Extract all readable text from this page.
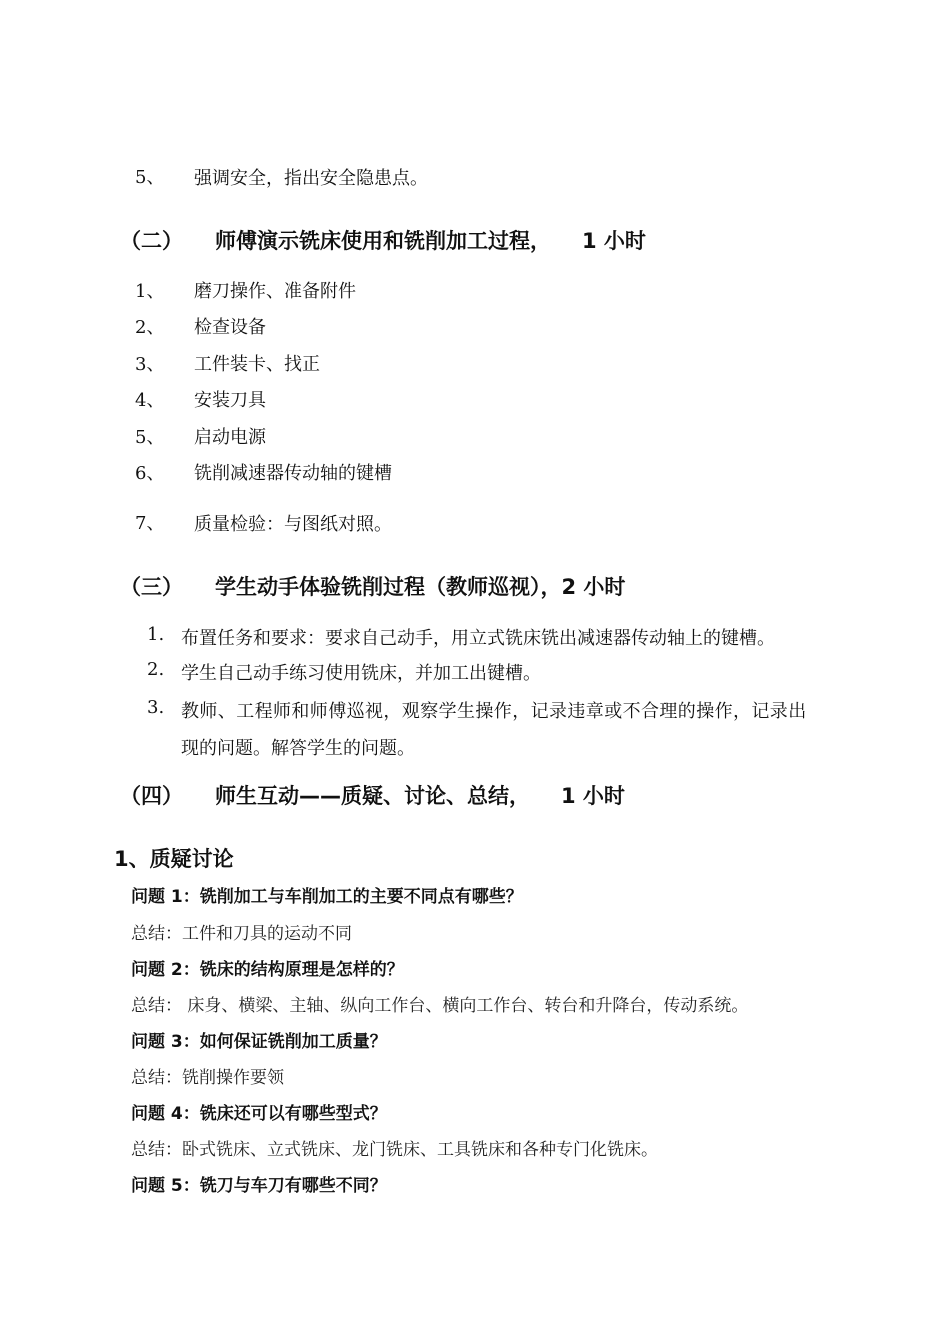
5、 强调安全，指出安全隐患点。
（二） 师傅演示铣床使用和铣削加工过程， 1 小时
1、 磨刀操作、准备附件
2、 检查设备
3、 工件装卡、找正
4、 安装刀具
5、 启动电源
6、 铣削减速器传动轴的键槽
7、 质量检验：与图纸对照。
（三） 学生动手体验铣削过程（教师巡视），2 小时
1. 布置任务和要求：要求自己动手，用立式铣床铣出减速器传动轴上的键槽。
2. 学生自己动手练习使用铣床，并加工出键槽。
3. 教师、工程师和师傅巡视，观察学生操作，记录违章或不合理的操作，记录出
现的问题。解答学生的问题。
（四） 师生互动——质疑、讨论、总结， 1 小时
1、质疑讨论
问题 1：铣削加工与车削加工的主要不同点有哪些？
总结：工件和刀具的运动不同
问题 2：铣床的结构原理是怎样的？
总结： 床身、横梁、主轴、纵向工作台、横向工作台、转台和升降台，传动系统。
问题 3：如何保证铣削加工质量？
总结：铣削操作要领
问题 4：铣床还可以有哪些型式？
总结：卧式铣床、立式铣床、龙门铣床、工具铣床和各种专门化铣床。
问题 5：铣刀与车刀有哪些不同？
